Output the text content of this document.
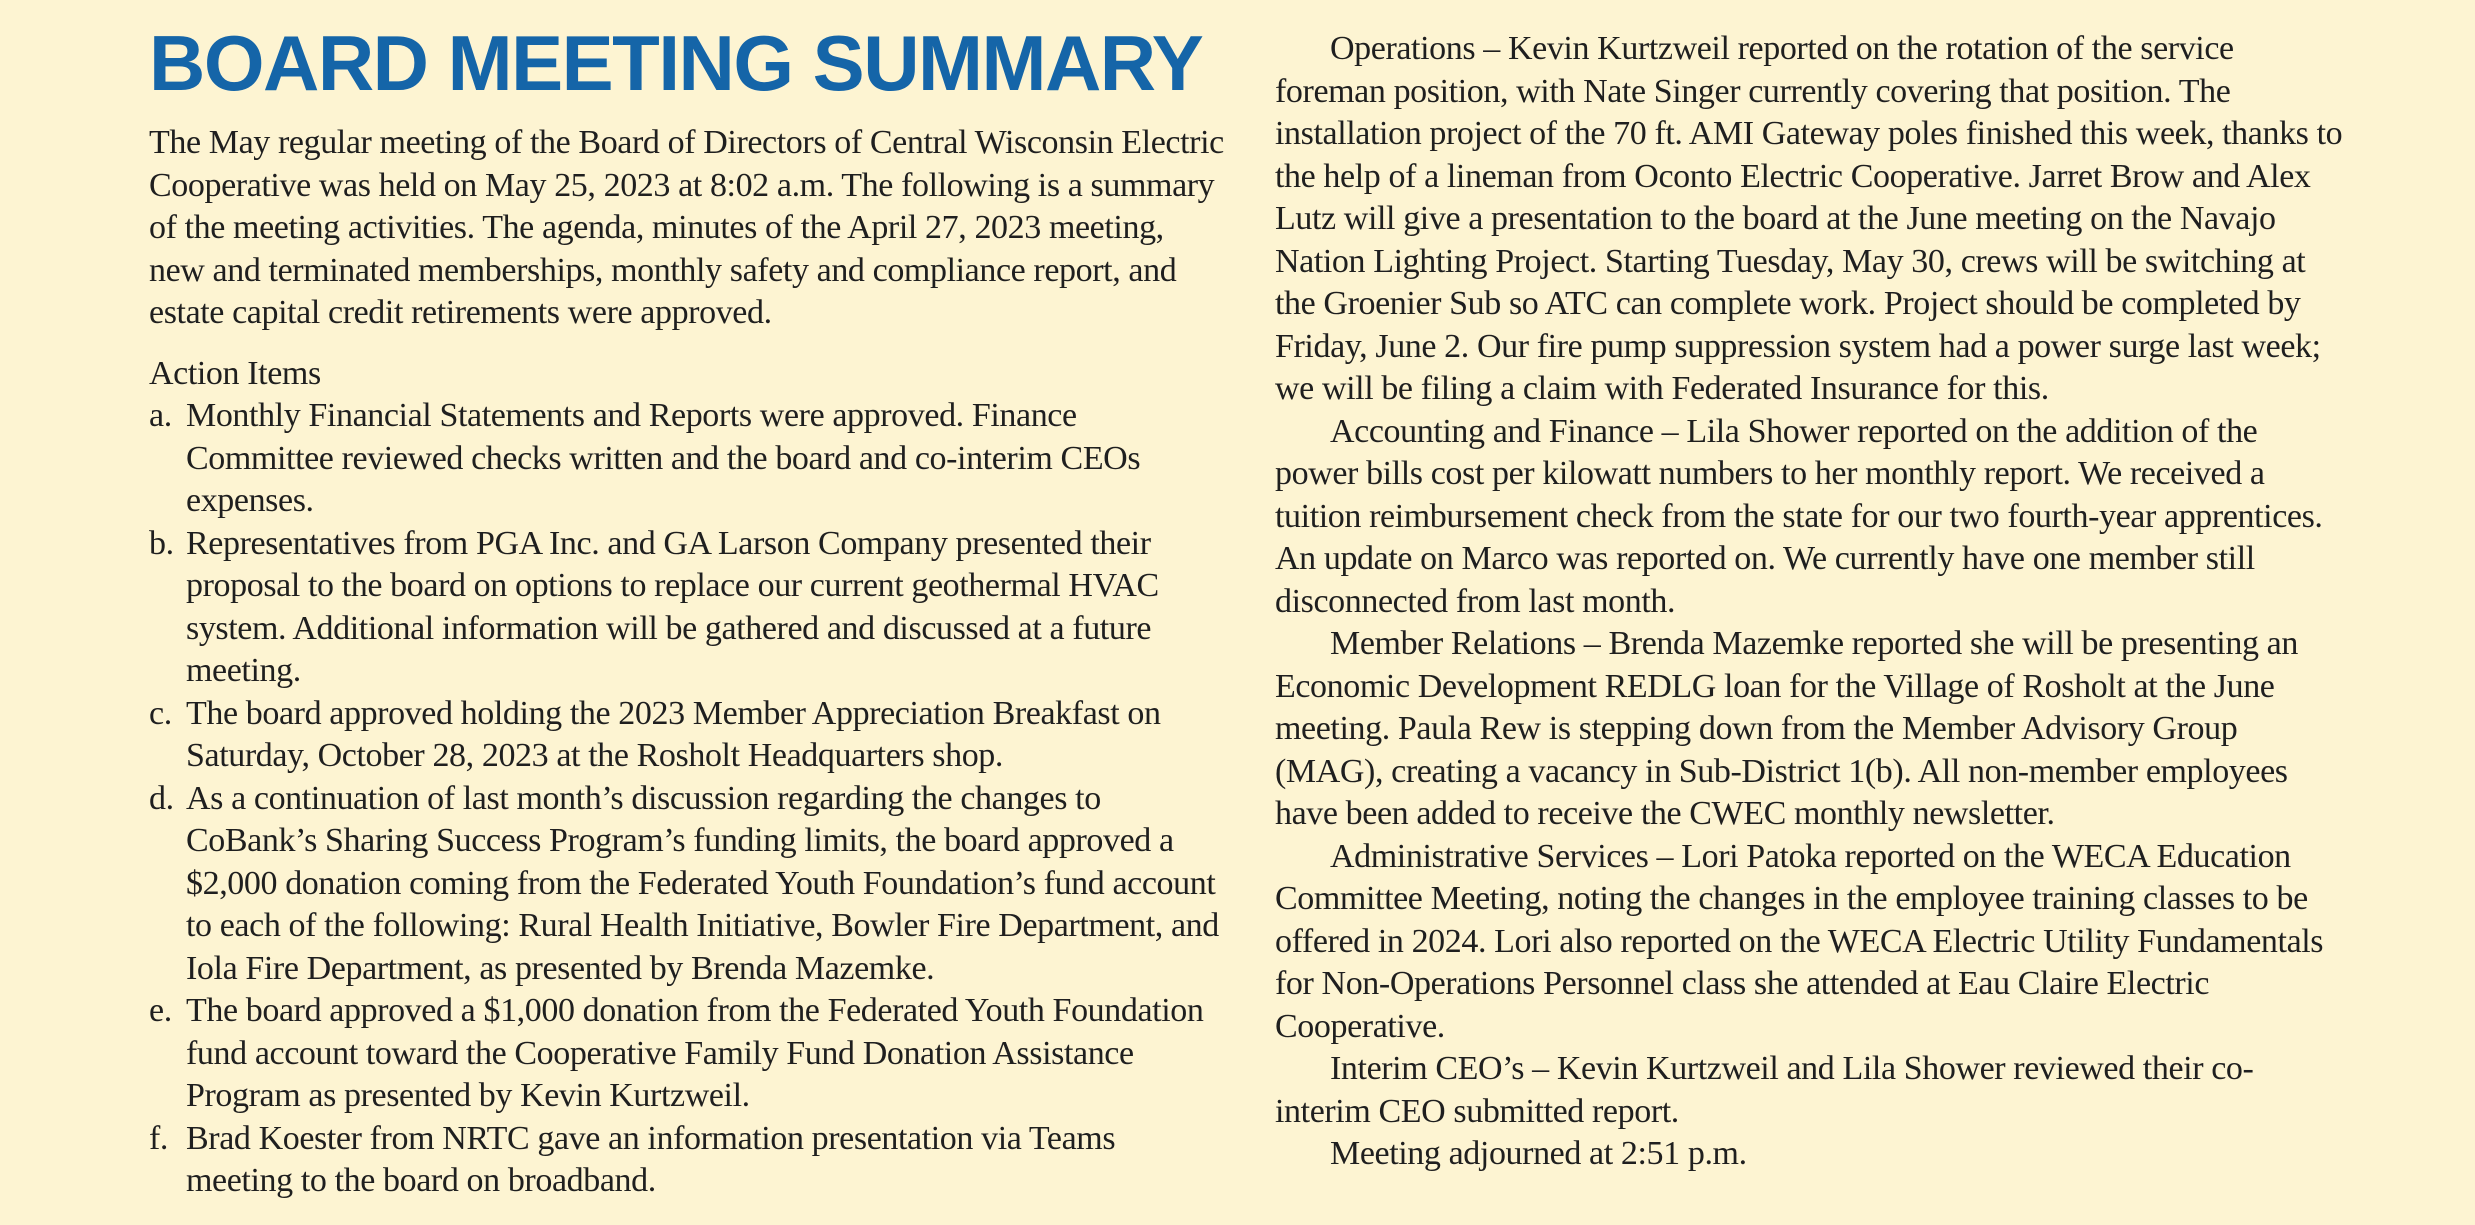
BOARD MEETING SUMMARY

The May regular meeting of the Board of Directors of Central Wisconsin Electric Cooperative was held on May 25, 2023 at 8:02 a.m. The following is a summary of the meeting activities. The agenda, minutes of the April 27, 2023 meeting, new and terminated memberships, monthly safety and compliance report, and estate capital credit retirements were approved.

Action Items
a. Monthly Financial Statements and Reports were approved. Finance Committee reviewed checks written and the board and co-interim CEOs expenses.
b. Representatives from PGA Inc. and GA Larson Company presented their proposal to the board on options to replace our current geothermal HVAC system. Additional information will be gathered and discussed at a future meeting.
c. The board approved holding the 2023 Member Appreciation Breakfast on Saturday, October 28, 2023 at the Rosholt Headquarters shop.
d. As a continuation of last month’s discussion regarding the changes to CoBank’s Sharing Success Program’s funding limits, the board approved a $2,000 donation coming from the Federated Youth Foundation’s fund account to each of the following: Rural Health Initiative, Bowler Fire Department, and Iola Fire Department, as presented by Brenda Mazemke.
e. The board approved a $1,000 donation from the Federated Youth Foundation fund account toward the Cooperative Family Fund Donation Assistance Program as presented by Kevin Kurtzweil.
f. Brad Koester from NRTC gave an information presentation via Teams meeting to the board on broadband.

Operations – Kevin Kurtzweil reported on the rotation of the service foreman position, with Nate Singer currently covering that position. The installation project of the 70 ft. AMI Gateway poles finished this week, thanks to the help of a lineman from Oconto Electric Cooperative. Jarret Brow and Alex Lutz will give a presentation to the board at the June meeting on the Navajo Nation Lighting Project. Starting Tuesday, May 30, crews will be switching at the Groenier Sub so ATC can complete work. Project should be completed by Friday, June 2. Our fire pump suppression system had a power surge last week; we will be filing a claim with Federated Insurance for this.

Accounting and Finance – Lila Shower reported on the addition of the power bills cost per kilowatt numbers to her monthly report. We received a tuition reimbursement check from the state for our two fourth-year apprentices. An update on Marco was reported on. We currently have one member still disconnected from last month.

Member Relations – Brenda Mazemke reported she will be presenting an Economic Development REDLG loan for the Village of Rosholt at the June meeting. Paula Rew is stepping down from the Member Advisory Group (MAG), creating a vacancy in Sub-District 1(b). All non-member employees have been added to receive the CWEC monthly newsletter.

Administrative Services – Lori Patoka reported on the WECA Education Committee Meeting, noting the changes in the employee training classes to be offered in 2024. Lori also reported on the WECA Electric Utility Fundamentals for Non-Operations Personnel class she attended at Eau Claire Electric Cooperative.

Interim CEO’s – Kevin Kurtzweil and Lila Shower reviewed their co-interim CEO submitted report.

Meeting adjourned at 2:51 p.m.
